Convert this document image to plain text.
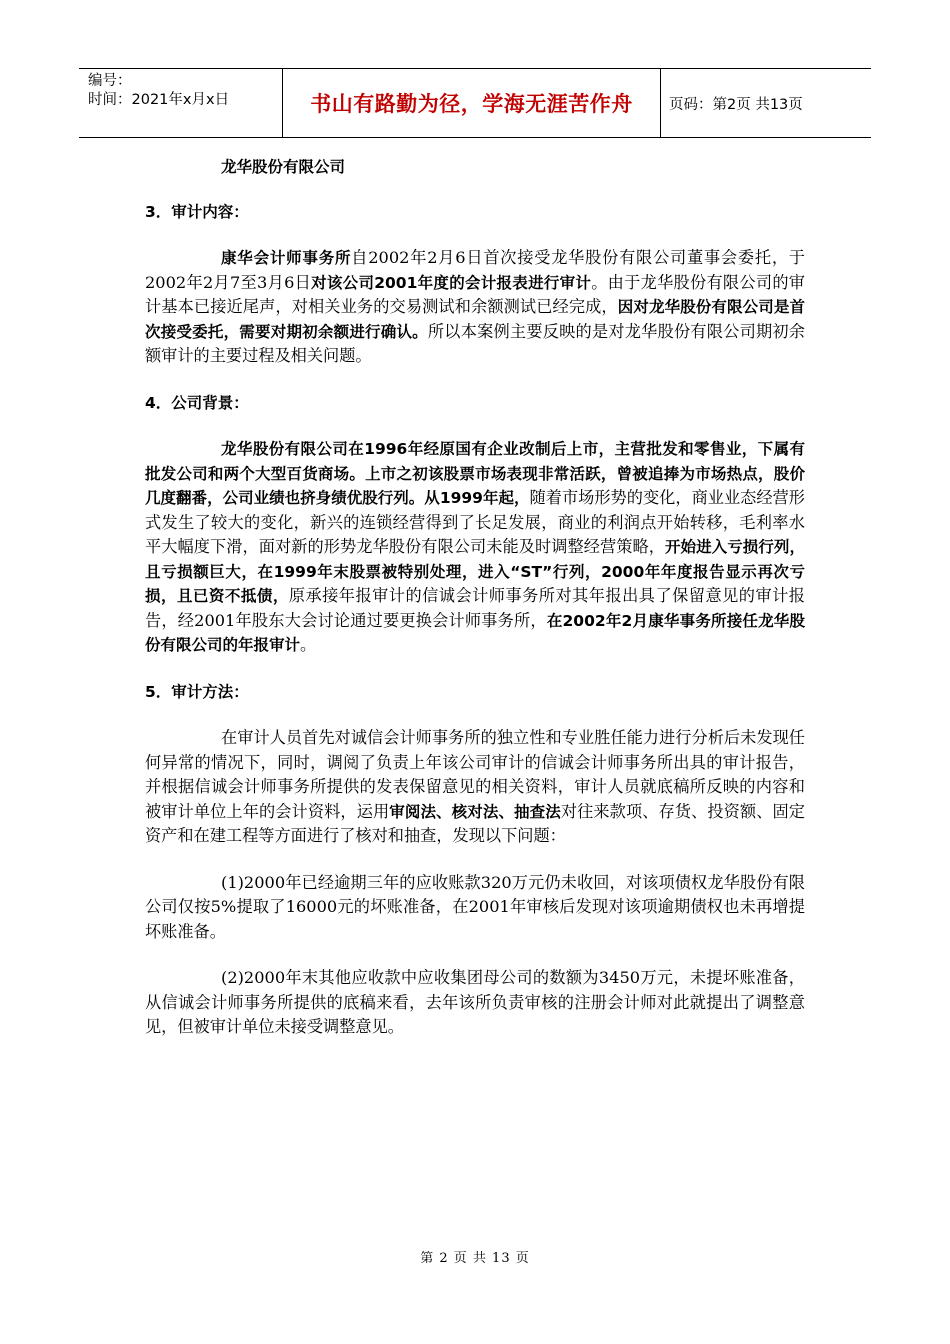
编号：
时间：2021年x月x日	书山有路勤为径，学海无涯苦作舟	页码：第2页 共13页

龙华股份有限公司

3．审计内容：

康华会计师事务所自2002年2月6日首次接受龙华股份有限公司董事会委托，于2002年2月7至3月6日对该公司2001年度的会计报表进行审计。由于龙华股份有限公司的审计基本已接近尾声，对相关业务的交易测试和余额测试已经完成，因对龙华股份有限公司是首次接受委托，需要对期初余额进行确认。所以本案例主要反映的是对龙华股份有限公司期初余额审计的主要过程及相关问题。

4．公司背景：

龙华股份有限公司在1996年经原国有企业改制后上市，主营批发和零售业，下属有批发公司和两个大型百货商场。上市之初该股票市场表现非常活跃，曾被追捧为市场热点，股价几度翻番，公司业绩也挤身绩优股行列。从1999年起，随着市场形势的变化，商业业态经营形式发生了较大的变化，新兴的连锁经营得到了长足发展，商业的利润点开始转移，毛利率水平大幅度下滑，面对新的形势龙华股份有限公司未能及时调整经营策略，开始进入亏损行列，且亏损额巨大，在1999年末股票被特别处理，进入“ST”行列，2000年年度报告显示再次亏损，且已资不抵债，原承接年报审计的信诚会计师事务所对其年报出具了保留意见的审计报告，经2001年股东大会讨论通过要更换会计师事务所，在2002年2月康华事务所接任龙华股份有限公司的年报审计。

5．审计方法：

在审计人员首先对诚信会计师事务所的独立性和专业胜任能力进行分析后未发现任何异常的情况下，同时，调阅了负责上年该公司审计的信诚会计师事务所出具的审计报告，并根据信诚会计师事务所提供的发表保留意见的相关资料，审计人员就底稿所反映的内容和被审计单位上年的会计资料，运用审阅法、核对法、抽查法对往来款项、存货、投资额、固定资产和在建工程等方面进行了核对和抽查，发现以下问题：

(1)2000年已经逾期三年的应收账款320万元仍未收回，对该项债权龙华股份有限公司仅按5%提取了16000元的坏账准备，在2001年审核后发现对该项逾期债权也未再增提坏账准备。

(2)2000年末其他应收款中应收集团母公司的数额为3450万元，未提坏账准备，从信诚会计师事务所提供的底稿来看，去年该所负责审核的注册会计师对此就提出了调整意见，但被审计单位未接受调整意见。

第 2 页 共 13 页
